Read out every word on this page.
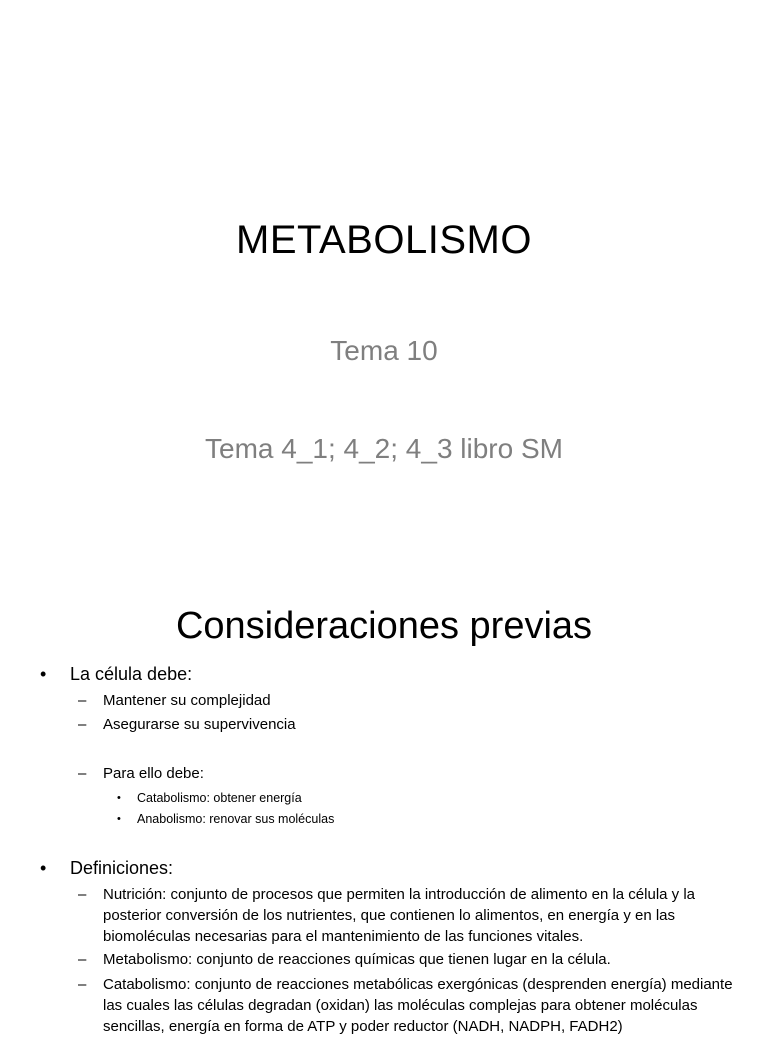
METABOLISMO
Tema 10
Tema 4_1; 4_2; 4_3 libro SM
Consideraciones previas
• La célula debe:
– Mantener su complejidad
– Asegurarse su supervivencia
– Para ello debe:
• Catabolismo: obtener energía
• Anabolismo: renovar sus moléculas
• Definiciones:
– Nutrición: conjunto de procesos que permiten la introducción de alimento en la célula y la posterior conversión de los nutrientes, que contienen lo alimentos, en energía y en las biomoléculas necesarias para el mantenimiento de las funciones vitales.
– Metabolismo: conjunto de reacciones químicas que tienen lugar en la célula.
– Catabolismo: conjunto de reacciones metabólicas exergónicas (desprenden energía) mediante las cuales las células degradan (oxidan) las moléculas complejas para obtener moléculas sencillas, energía en forma de ATP y poder reductor (NADH, NADPH, FADH2)
